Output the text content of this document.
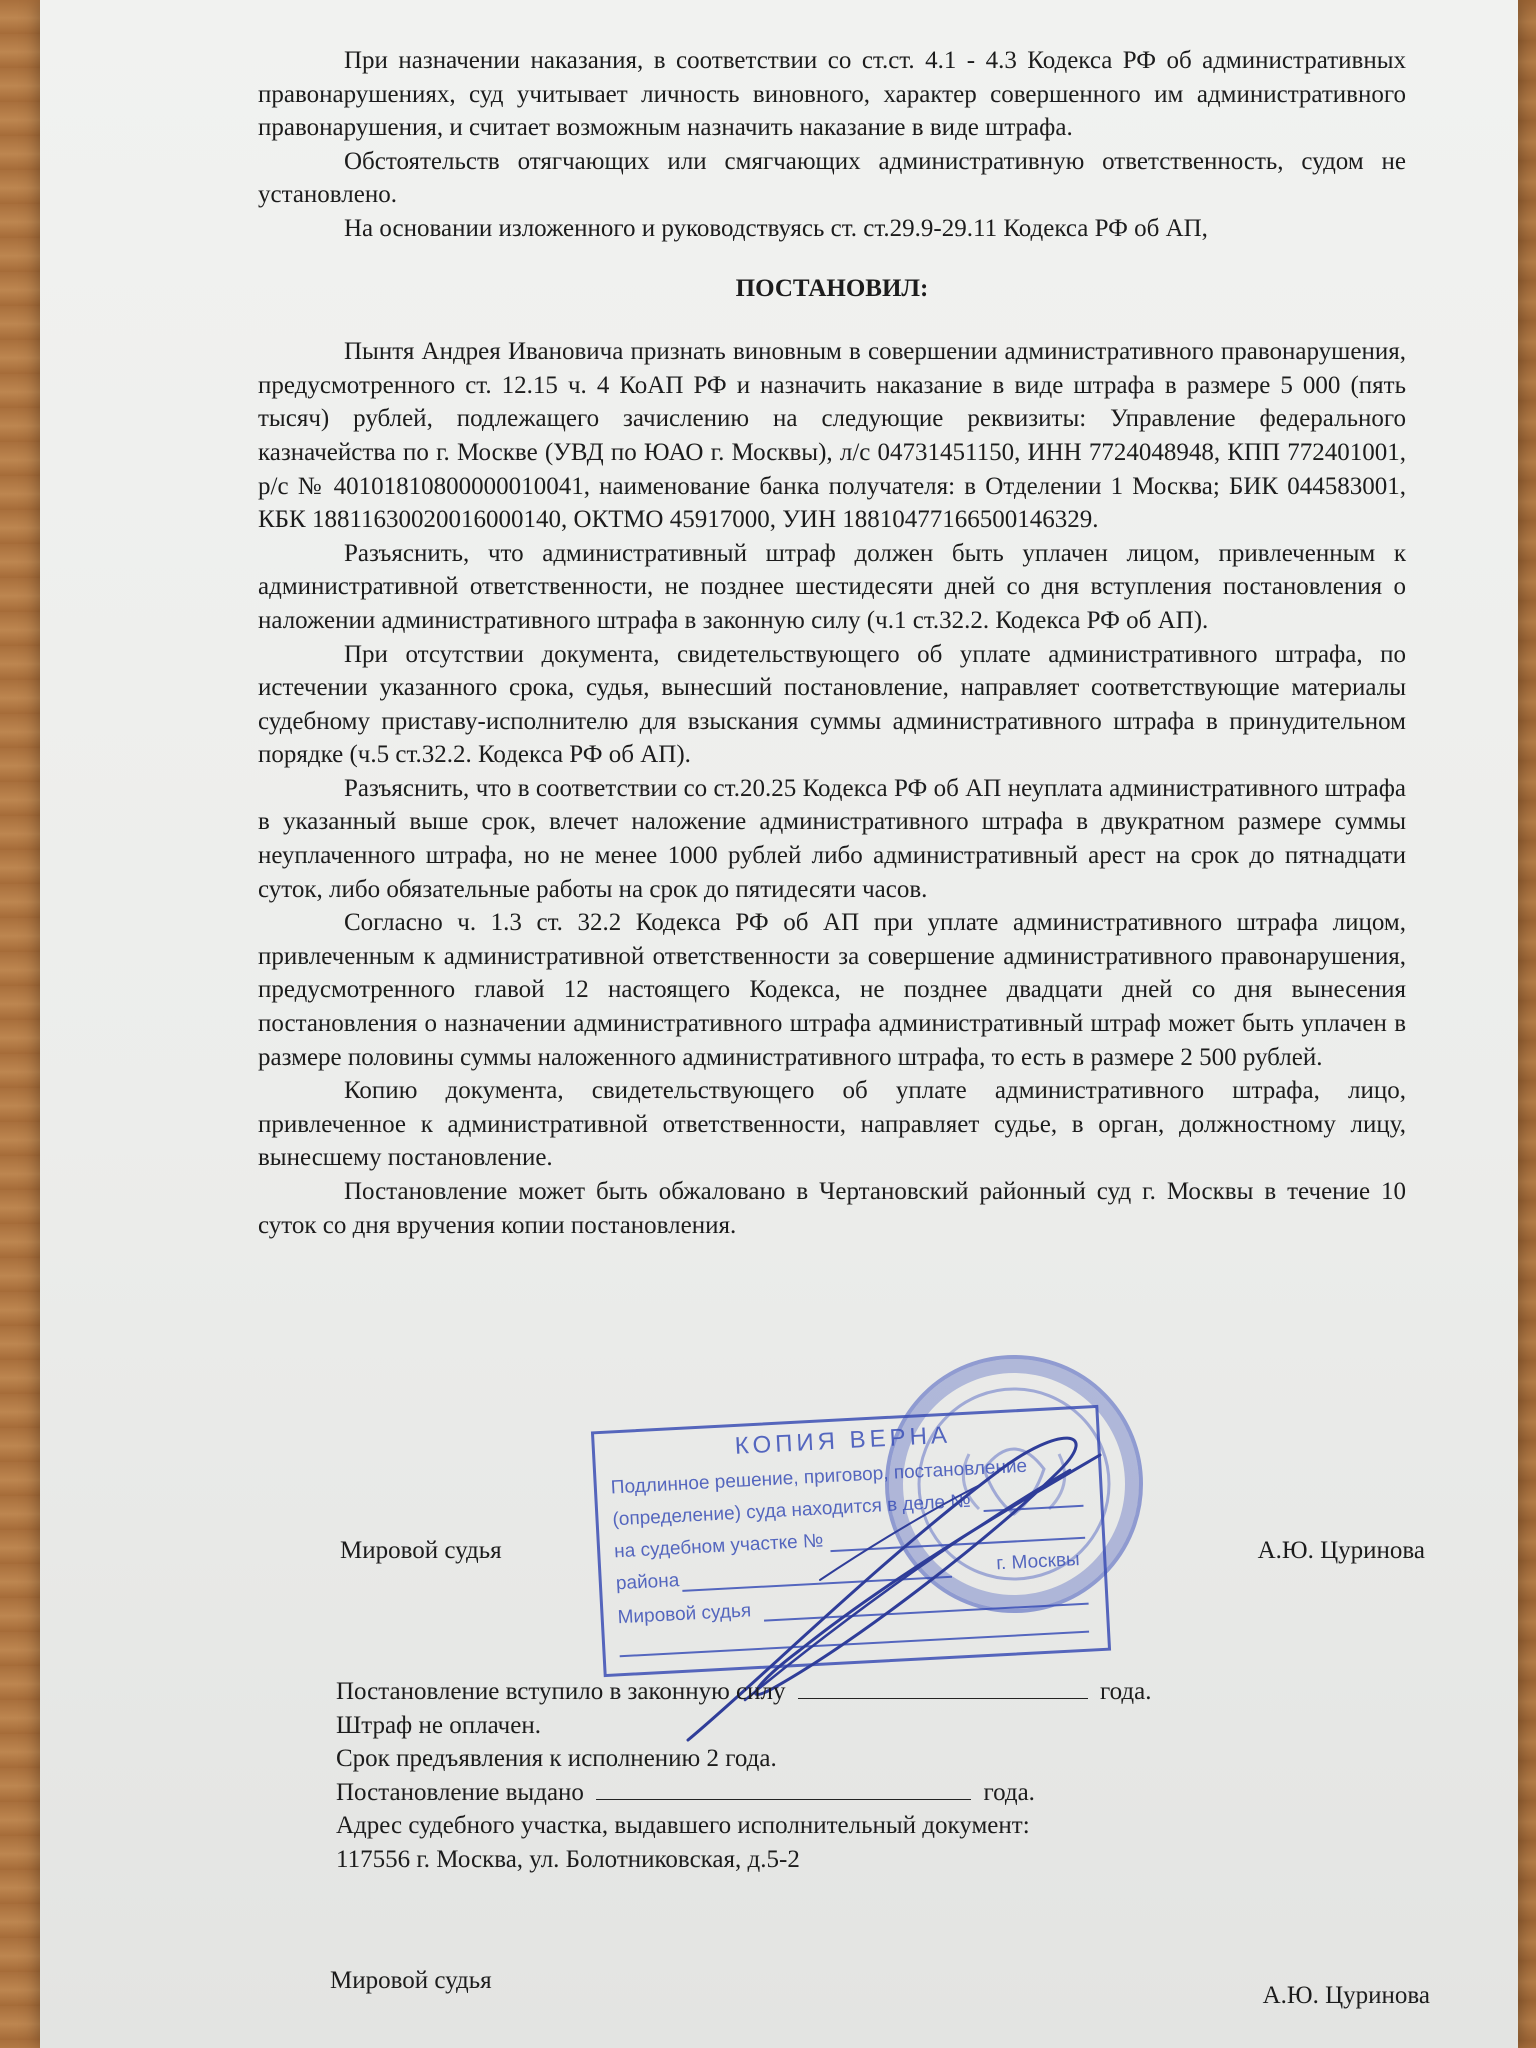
При назначении наказания, в соответствии со ст.ст. 4.1 - 4.3 Кодекса РФ об административных правонарушениях, суд учитывает личность виновного, характер совершенного им административного правонарушения, и считает возможным назначить наказание в виде штрафа.

Обстоятельств отягчающих или смягчающих административную ответственность, судом не установлено.

На основании изложенного и руководствуясь ст. ст.29.9-29.11 Кодекса РФ об АП,

ПОСТАНОВИЛ:

Пынтя Андрея Ивановича признать виновным в совершении административного правонарушения, предусмотренного ст. 12.15 ч. 4 КоАП РФ и назначить наказание в виде штрафа в размере 5 000 (пять тысяч) рублей, подлежащего зачислению на следующие реквизиты: Управление федерального казначейства по г. Москве (УВД по ЮАО г. Москвы), л/с 04731451150, ИНН 7724048948, КПП 772401001, р/с № 40101810800000010041, наименование банка получателя: в Отделении 1 Москва; БИК 044583001, КБК 18811630020016000140, ОКТМО 45917000, УИН 18810477166500146329.

Разъяснить, что административный штраф должен быть уплачен лицом, привлеченным к административной ответственности, не позднее шестидесяти дней со дня вступления постановления о наложении административного штрафа в законную силу (ч.1 ст.32.2. Кодекса РФ об АП).

При отсутствии документа, свидетельствующего об уплате административного штрафа, по истечении указанного срока, судья, вынесший постановление, направляет соответствующие материалы судебному приставу-исполнителю для взыскания суммы административного штрафа в принудительном порядке (ч.5 ст.32.2. Кодекса РФ об АП).

Разъяснить, что в соответствии со ст.20.25 Кодекса РФ об АП неуплата административного штрафа в указанный выше срок, влечет наложение административного штрафа в двукратном размере суммы неуплаченного штрафа, но не менее 1000 рублей либо административный арест на срок до пятнадцати суток, либо обязательные работы на срок до пятидесяти часов.

Согласно ч. 1.3 ст. 32.2 Кодекса РФ об АП при уплате административного штрафа лицом, привлеченным к административной ответственности за совершение административного правонарушения, предусмотренного главой 12 настоящего Кодекса, не позднее двадцати дней со дня вынесения постановления о назначении административного штрафа административный штраф может быть уплачен в размере половины суммы наложенного административного штрафа, то есть в размере 2 500 рублей.

Копию документа, свидетельствующего об уплате административного штрафа, лицо, привлеченное к административной ответственности, направляет судье, в орган, должностному лицу, вынесшему постановление.

Постановление может быть обжаловано в Чертановский районный суд г. Москвы в течение 10 суток со дня вручения копии постановления.

КОПИЯ ВЕРНА
Подлинное решение, приговор, постановление
(определение) суда находится в деле №
на судебном участке №
района
г. Москвы
Мировой судья
Мировой судья	А.Ю. Цуринова
Постановление вступило в законную силу	года.
Штраф не оплачен.
Срок предъявления к исполнению 2 года.
Постановление выдано	года.
Адрес судебного участка, выдавшего исполнительный документ:
117556 г. Москва, ул. Болотниковская, д.5-2
Мировой судья
А.Ю. Цуринова
